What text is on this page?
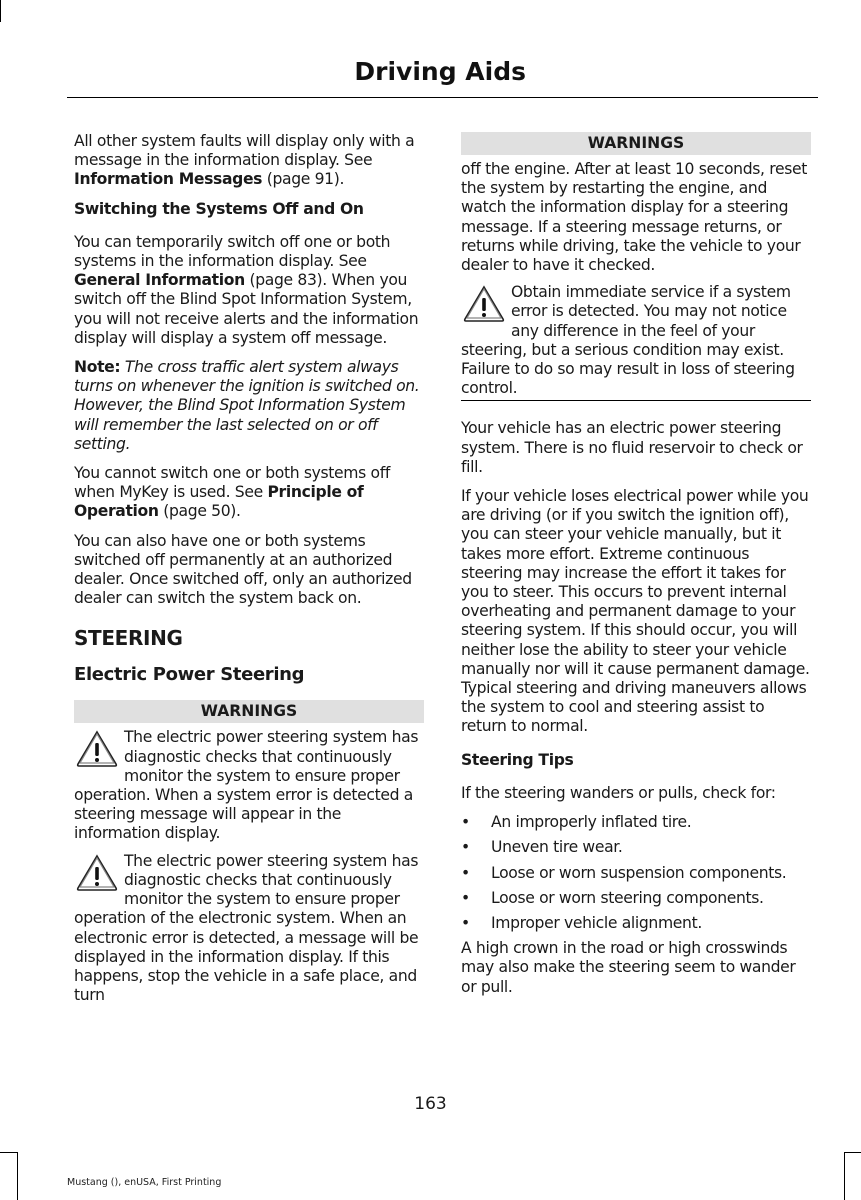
Driving Aids

All other system faults will display only with a message in the information display. See Information Messages (page 91).

Switching the Systems Off and On

You can temporarily switch off one or both systems in the information display. See General Information (page 83). When you switch off the Blind Spot Information System, you will not receive alerts and the information display will display a system off message.

Note: The cross traffic alert system always turns on whenever the ignition is switched on. However, the Blind Spot Information System will remember the last selected on or off setting.

You cannot switch one or both systems off when MyKey is used. See Principle of Operation (page 50).

You can also have one or both systems switched off permanently at an authorized dealer. Once switched off, only an authorized dealer can switch the system back on.

STEERING
Electric Power Steering
WARNINGS
The electric power steering system has diagnostic checks that continuously monitor the system to ensure proper operation. When a system error is detected a steering message will appear in the information display.
The electric power steering system has diagnostic checks that continuously monitor the system to ensure proper operation of the electronic system. When an electronic error is detected, a message will be displayed in the information display. If this happens, stop the vehicle in a safe place, and turn
WARNINGS

off the engine. After at least 10 seconds, reset the system by restarting the engine, and watch the information display for a steering message. If a steering message returns, or returns while driving, take the vehicle to your dealer to have it checked.

Obtain immediate service if a system error is detected. You may not notice any difference in the feel of your steering, but a serious condition may exist. Failure to do so may result in loss of steering control.

Your vehicle has an electric power steering system. There is no fluid reservoir to check or fill.

If your vehicle loses electrical power while you are driving (or if you switch the ignition off), you can steer your vehicle manually, but it takes more effort. Extreme continuous steering may increase the effort it takes for you to steer. This occurs to prevent internal overheating and permanent damage to your steering system. If this should occur, you will neither lose the ability to steer your vehicle manually nor will it cause permanent damage. Typical steering and driving maneuvers allows the system to cool and steering assist to return to normal.

Steering Tips

If the steering wanders or pulls, check for:

• An improperly inflated tire.
• Uneven tire wear.
• Loose or worn suspension components.
• Loose or worn steering components.
• Improper vehicle alignment.

A high crown in the road or high crosswinds may also make the steering seem to wander or pull.

163
Mustang (), enUSA, First Printing
